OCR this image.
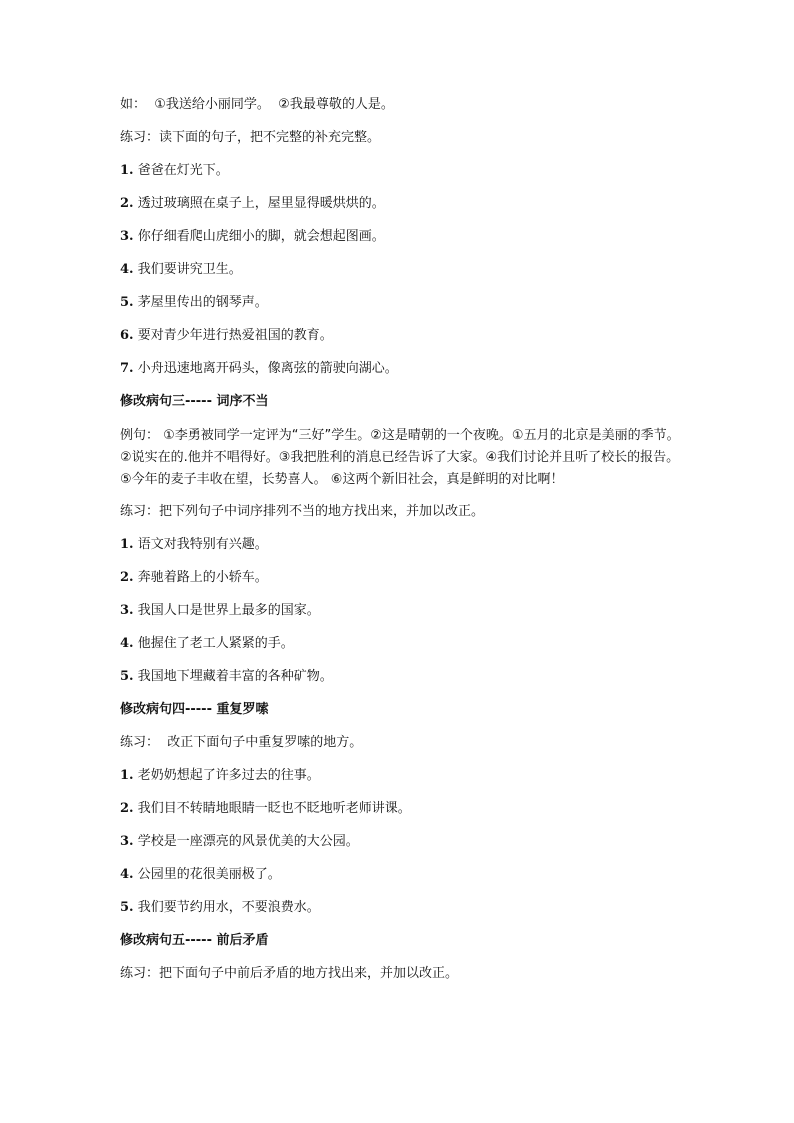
如：  ①我送给小丽同学。  ②我最尊敬的人是。

练习：读下面的句子，把不完整的补充完整。

1. 爸爸在灯光下。

2. 透过玻璃照在桌子上，屋里显得暖烘烘的。

3. 你仔细看爬山虎细小的脚，就会想起图画。

4. 我们要讲究卫生。

5. 茅屋里传出的钢琴声。

6. 要对青少年进行热爱祖国的教育。

7. 小舟迅速地离开码头，像离弦的箭驶向湖心。

修改病句三----- 词序不当

例句： ①李勇被同学一定评为“三好”学生。②这是晴朝的一个夜晚。①五月的北京是美丽的季节。②说实在的.他并不唱得好。③我把胜利的消息已经告诉了大家。④我们讨论并且听了校长的报告。 ⑤今年的麦子丰收在望，长势喜人。 ⑥这两个新旧社会，真是鲜明的对比啊！

练习：把下列句子中词序排列不当的地方找出来，并加以改正。

1. 语文对我特别有兴趣。

2. 奔驰着路上的小轿车。

3. 我国人口是世界上最多的国家。

4. 他握住了老工人紧紧的手。

5. 我国地下埋藏着丰富的各种矿物。

修改病句四----- 重复罗嗦

练习：  改正下面句子中重复罗嗦的地方。

1. 老奶奶想起了许多过去的往事。

2. 我们目不转睛地眼睛一眨也不眨地听老师讲课。

3. 学校是一座漂亮的风景优美的大公园。

4. 公园里的花很美丽极了。

5. 我们要节约用水，不要浪费水。

修改病句五----- 前后矛盾

练习：把下面句子中前后矛盾的地方找出来，并加以改正。
